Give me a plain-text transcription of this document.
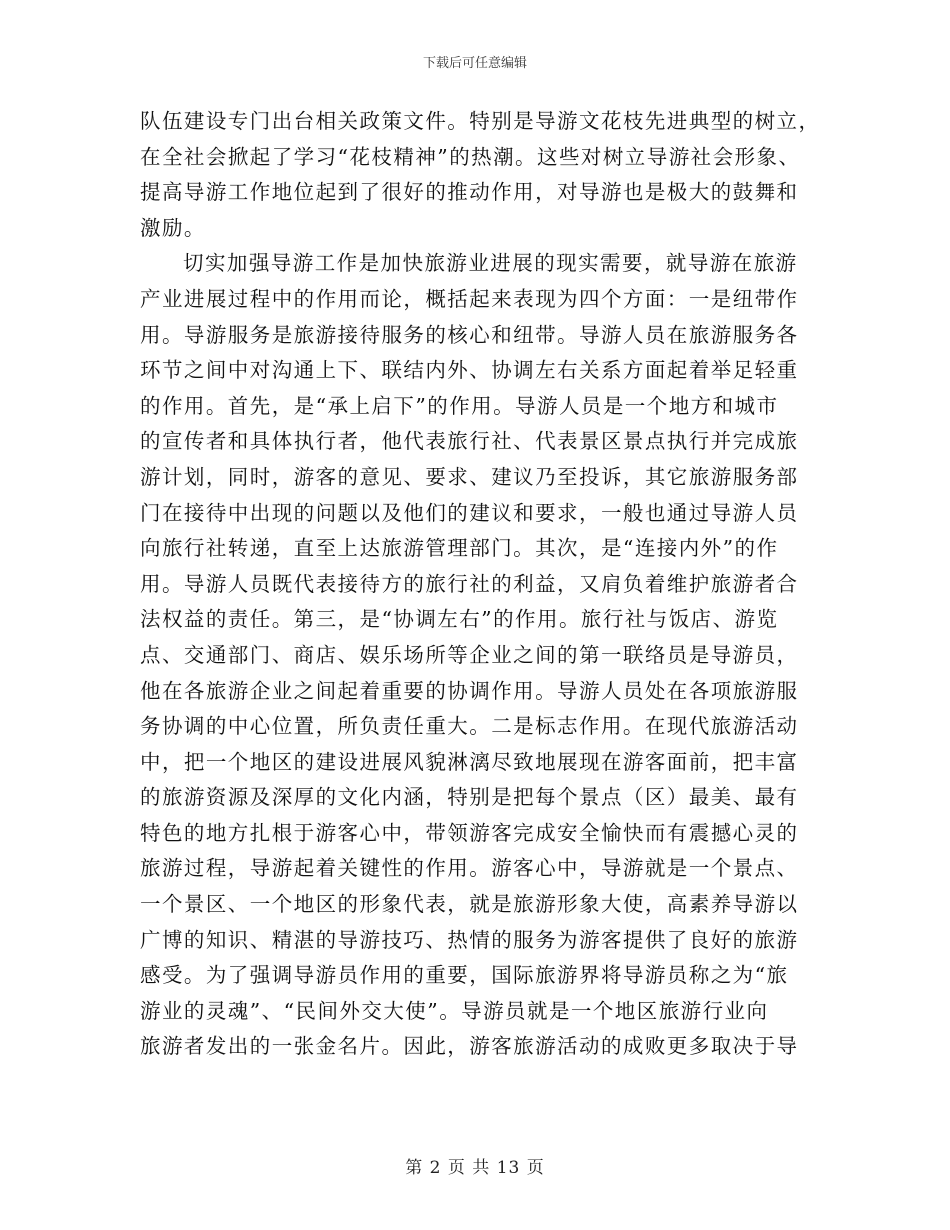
下载后可任意编辑
队伍建设专门出台相关政策文件。特别是导游文花枝先进典型的树立，
在全社会掀起了学习“花枝精神”的热潮。这些对树立导游社会形象、
提高导游工作地位起到了很好的推动作用，对导游也是极大的鼓舞和
激励。
切实加强导游工作是加快旅游业进展的现实需要，就导游在旅游
产业进展过程中的作用而论，概括起来表现为四个方面：一是纽带作
用。导游服务是旅游接待服务的核心和纽带。导游人员在旅游服务各
环节之间中对沟通上下、联结内外、协调左右关系方面起着举足轻重
的作用。首先，是“承上启下”的作用。导游人员是一个地方和城市
的宣传者和具体执行者，他代表旅行社、代表景区景点执行并完成旅
游计划，同时，游客的意见、要求、建议乃至投诉，其它旅游服务部
门在接待中出现的问题以及他们的建议和要求，一般也通过导游人员
向旅行社转递，直至上达旅游管理部门。其次，是“连接内外”的作
用。导游人员既代表接待方的旅行社的利益，又肩负着维护旅游者合
法权益的责任。第三，是“协调左右”的作用。旅行社与饭店、游览
点、交通部门、商店、娱乐场所等企业之间的第一联络员是导游员，
他在各旅游企业之间起着重要的协调作用。导游人员处在各项旅游服
务协调的中心位置，所负责任重大。二是标志作用。在现代旅游活动
中，把一个地区的建设进展风貌淋漓尽致地展现在游客面前，把丰富
的旅游资源及深厚的文化内涵，特别是把每个景点（区）最美、最有
特色的地方扎根于游客心中，带领游客完成安全愉快而有震撼心灵的
旅游过程，导游起着关键性的作用。游客心中，导游就是一个景点、
一个景区、一个地区的形象代表，就是旅游形象大使，高素养导游以
广博的知识、精湛的导游技巧、热情的服务为游客提供了良好的旅游
感受。为了强调导游员作用的重要，国际旅游界将导游员称之为“旅
游业的灵魂”、“民间外交大使”。导游员就是一个地区旅游行业向
旅游者发出的一张金名片。因此，游客旅游活动的成败更多取决于导
第 2 页 共 13 页
